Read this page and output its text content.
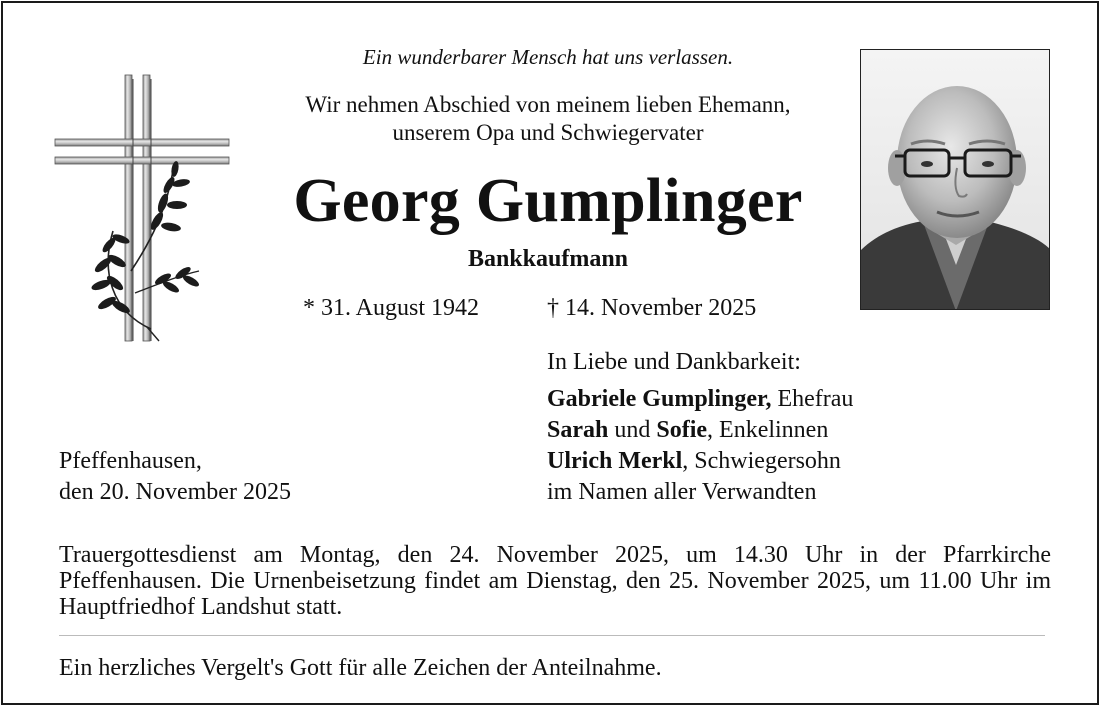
Ein wunderbarer Mensch hat uns verlassen.
Wir nehmen Abschied von meinem lieben Ehemann,
unserem Opa und Schwiegervater
Georg Gumplinger
Bankkaufmann
* 31. August 1942	† 14. November 2025
In Liebe und Dankbarkeit:
Gabriele Gumplinger, Ehefrau
Sarah und Sofie, Enkelinnen
Ulrich Merkl, Schwiegersohn
im Namen aller Verwandten
Pfeffenhausen,
den 20. November 2025
Trauergottesdienst am Montag, den 24. November 2025, um 14.30 Uhr in der Pfarrkirche Pfeffenhausen. Die Urnenbeisetzung findet am Dienstag, den 25. November 2025, um 11.00 Uhr im Hauptfriedhof Landshut statt.
Ein herzliches Vergelt's Gott für alle Zeichen der Anteilnahme.
